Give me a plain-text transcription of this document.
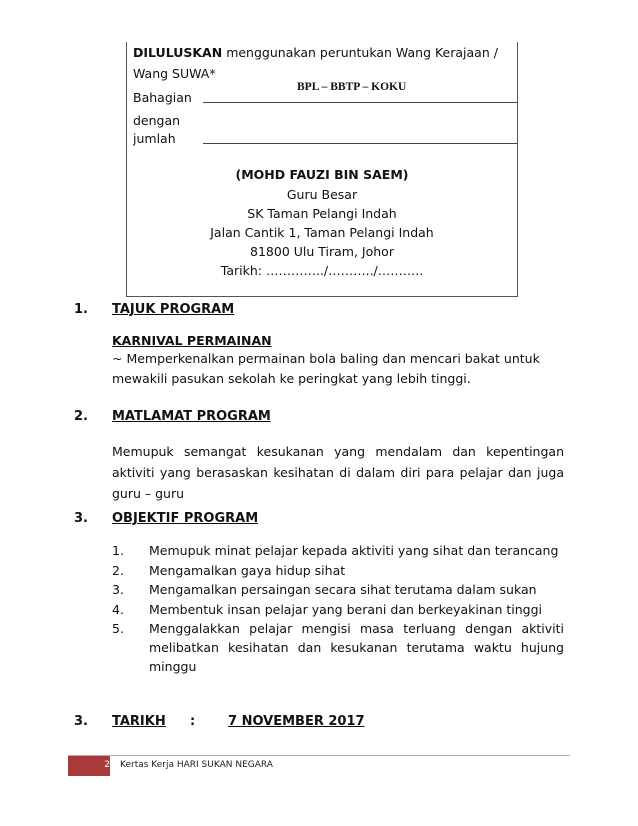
DILULUSKAN menggunakan peruntukan Wang Kerajaan /
Wang SUWA*
Bahagian
BPL – BBTP – KOKU
dengan
jumlah
(MOHD FAUZI BIN SAEM)
Guru Besar
SK Taman Pelangi Indah
Jalan Cantik 1, Taman Pelangi Indah
81800 Ulu Tiram, Johor
Tarikh: …………../………../………..
1. TAJUK PROGRAM
KARNIVAL PERMAINAN
~ Memperkenalkan permainan bola baling dan mencari bakat untuk
mewakili pasukan sekolah ke peringkat yang lebih tinggi.
2. MATLAMAT PROGRAM
Memupuk semangat kesukanan yang mendalam dan kepentingan aktiviti yang berasaskan kesihatan di dalam diri para pelajar dan juga guru – guru
3. OBJEKTIF PROGRAM
1. Memupuk minat pelajar kepada aktiviti yang sihat dan terancang
2. Mengamalkan gaya hidup sihat
3. Mengamalkan persaingan secara sihat terutama dalam sukan
4. Membentuk insan pelajar yang berani dan berkeyakinan tinggi
5. Menggalakkan pelajar mengisi masa terluang dengan aktiviti melibatkan kesihatan dan kesukanan terutama waktu hujung minggu
3. TARIKH :	7 NOVEMBER 2017
2 Kertas Kerja HARI SUKAN NEGARA
